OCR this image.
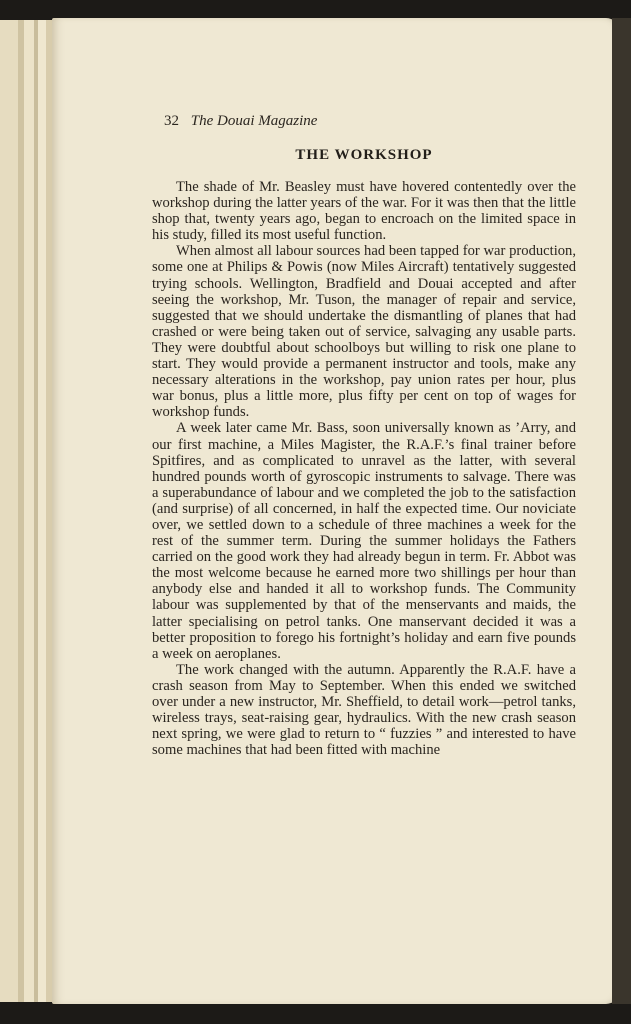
32 The Douai Magazine
THE WORKSHOP

The shade of Mr. Beasley must have hovered contentedly over the workshop during the latter years of the war. For it was then that the little shop that, twenty years ago, began to encroach on the limited space in his study, filled its most useful function.

When almost all labour sources had been tapped for war production, some one at Philips & Powis (now Miles Aircraft) tentatively suggested trying schools. Wellington, Bradfield and Douai accepted and after seeing the workshop, Mr. Tuson, the manager of repair and service, suggested that we should undertake the dismantling of planes that had crashed or were being taken out of service, salvaging any usable parts. They were doubtful about schoolboys but willing to risk one plane to start. They would provide a permanent instructor and tools, make any necessary alterations in the workshop, pay union rates per hour, plus war bonus, plus a little more, plus fifty per cent on top of wages for workshop funds.

A week later came Mr. Bass, soon universally known as ’Arry, and our first machine, a Miles Magister, the R.A.F.’s final trainer before Spitfires, and as complicated to unravel as the latter, with several hundred pounds worth of gyroscopic instruments to salvage. There was a superabundance of labour and we completed the job to the satisfaction (and surprise) of all concerned, in half the expected time. Our noviciate over, we settled down to a schedule of three machines a week for the rest of the summer term. During the summer holidays the Fathers carried on the good work they had already begun in term. Fr. Abbot was the most welcome because he earned more two shillings per hour than anybody else and handed it all to workshop funds. The Community labour was supplemented by that of the menservants and maids, the latter specialising on petrol tanks. One manservant decided it was a better proposition to forego his fortnight’s holiday and earn five pounds a week on aeroplanes.

The work changed with the autumn. Apparently the R.A.F. have a crash season from May to September. When this ended we switched over under a new instructor, Mr. Sheffield, to detail work—petrol tanks, wireless trays, seat-raising gear, hydraulics. With the new crash season next spring, we were glad to return to “ fuzzies ” and interested to have some machines that had been fitted with machine
